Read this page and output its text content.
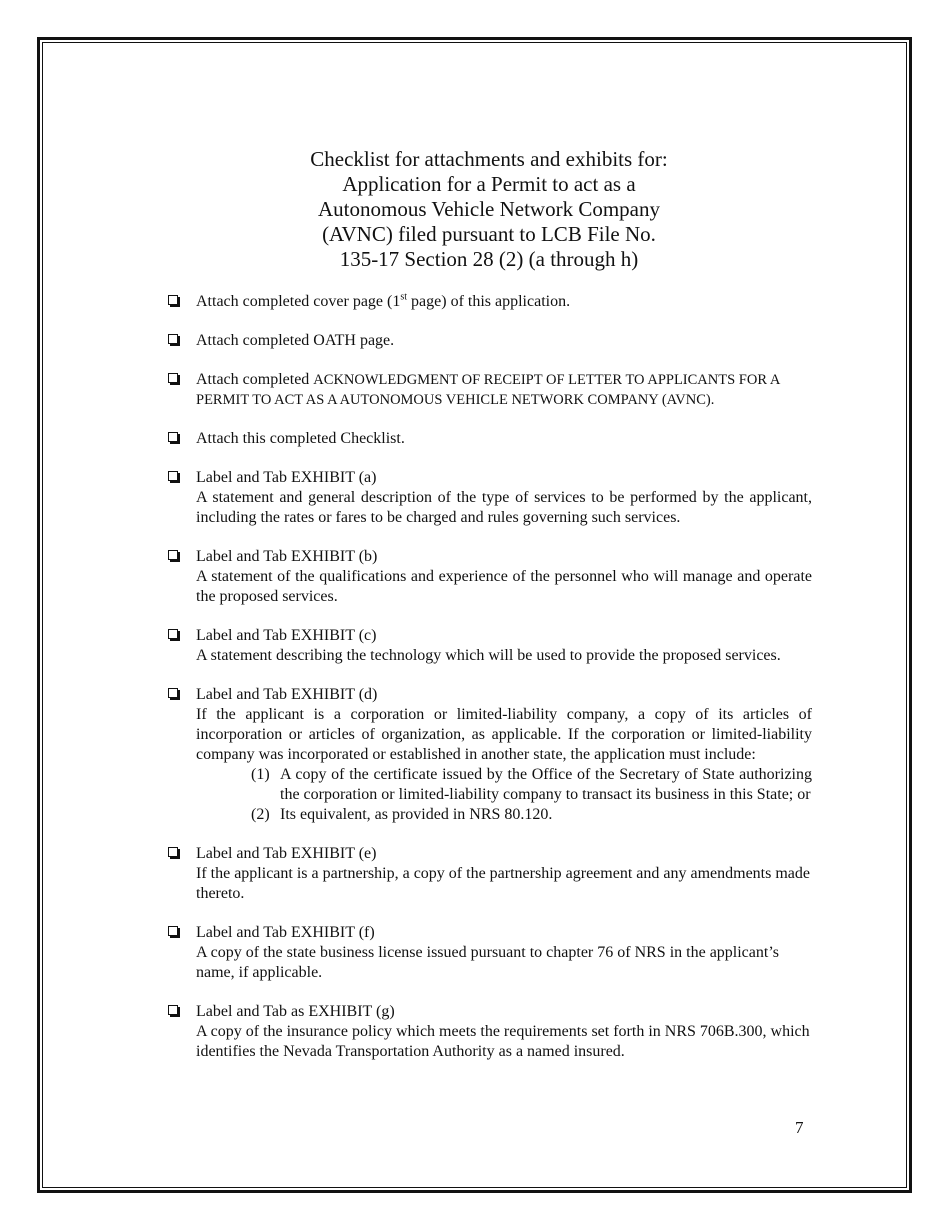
Checklist for attachments and exhibits for:
Application for a Permit to act as a
Autonomous Vehicle Network Company
(AVNC) filed pursuant to LCB File No.
135-17 Section 28 (2) (a through h)
Attach completed cover page (1st page) of this application.
Attach completed OATH page.
Attach completed ACKNOWLEDGMENT OF RECEIPT OF LETTER TO APPLICANTS FOR A PERMIT TO ACT AS A AUTONOMOUS VEHICLE NETWORK COMPANY (AVNC).
Attach this completed Checklist.
Label and Tab EXHIBIT (a)
A statement and general description of the type of services to be performed by the applicant, including the rates or fares to be charged and rules governing such services.
Label and Tab EXHIBIT (b)
A statement of the qualifications and experience of the personnel who will manage and operate the proposed services.
Label and Tab EXHIBIT (c)
A statement describing the technology which will be used to provide the proposed services.
Label and Tab EXHIBIT (d)
If the applicant is a corporation or limited-liability company, a copy of its articles of incorporation or articles of organization, as applicable. If the corporation or limited-liability company was incorporated or established in another state, the application must include:
(1) A copy of the certificate issued by the Office of the Secretary of State authorizing the corporation or limited-liability company to transact its business in this State; or
(2) Its equivalent, as provided in NRS 80.120.
Label and Tab EXHIBIT (e)
If the applicant is a partnership, a copy of the partnership agreement and any amendments made thereto.
Label and Tab EXHIBIT (f)
A copy of the state business license issued pursuant to chapter 76 of NRS in the applicant’s name, if applicable.
Label and Tab as EXHIBIT (g)
A copy of the insurance policy which meets the requirements set forth in NRS 706B.300, which identifies the Nevada Transportation Authority as a named insured.
7
